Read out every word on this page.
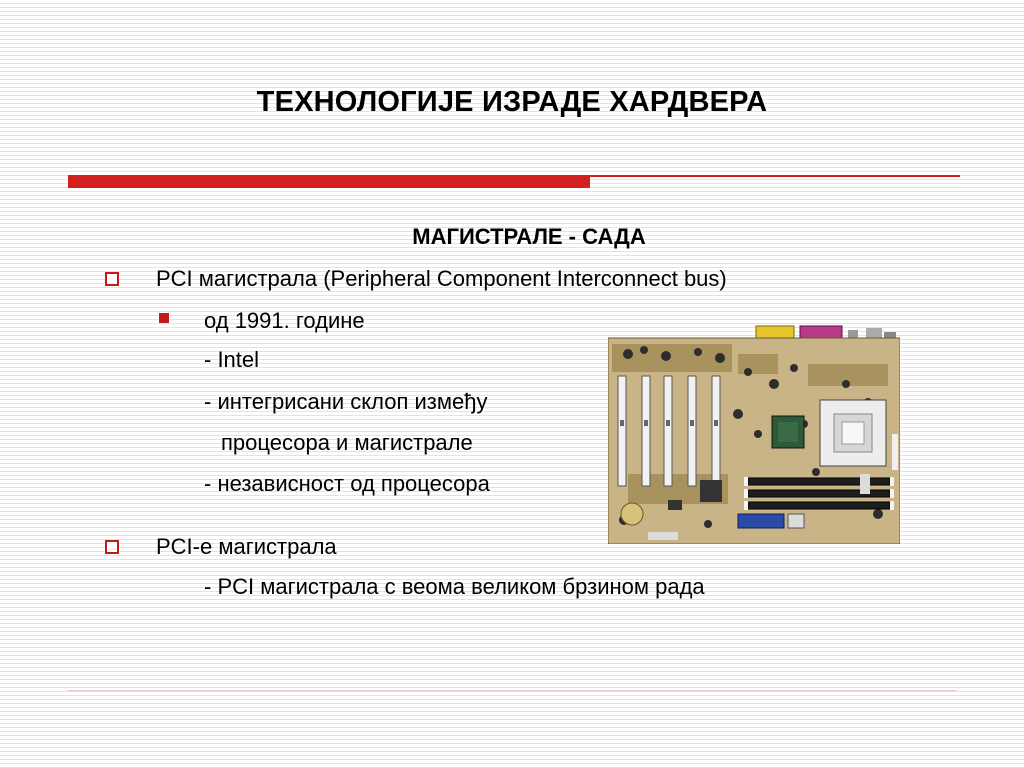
ТЕХНОЛОГИЈЕ ИЗРАДЕ ХАРДВЕРА
МАГИСТРАЛЕ - САДА
PCI магистрала (Peripheral Component Interconnect bus)
од 1991. године
- Intel
- интегрисани склоп између
процесора и магистрале
- независност од процесора
PCI-e магистрала
- PCI магистрала с веома великом брзином рада
